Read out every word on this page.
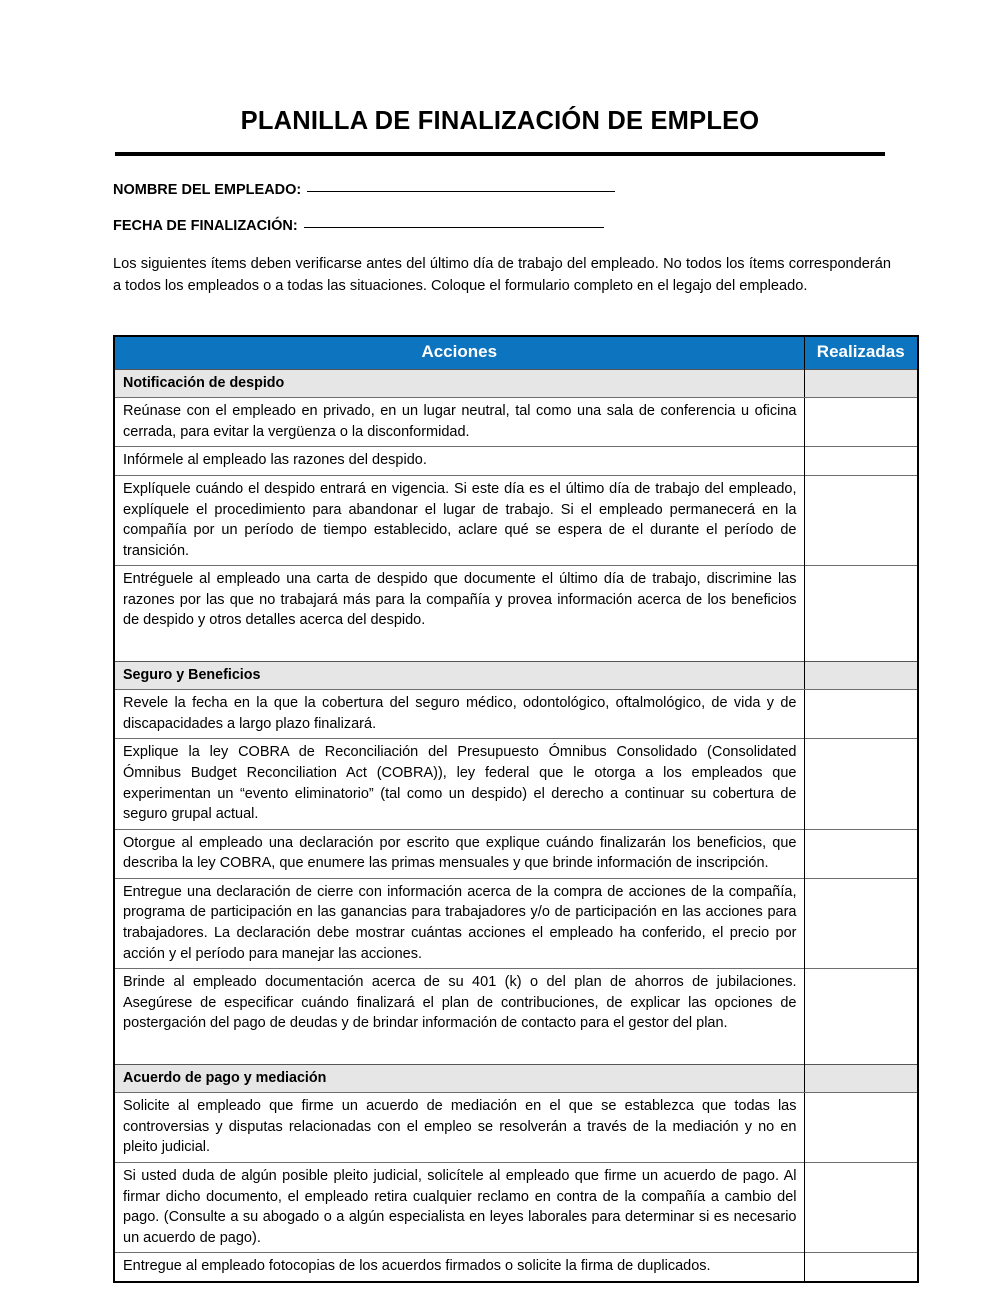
PLANILLA DE FINALIZACIÓN DE EMPLEO
NOMBRE DEL EMPLEADO:
FECHA DE FINALIZACIÓN:

Los siguientes ítems deben verificarse antes del último día de trabajo del empleado. No todos los ítems corresponderán a todos los empleados o a todas las situaciones. Coloque el formulario completo en el legajo del empleado.

Acciones	Realizadas
Notificación de despido	
Reúnase con el empleado en privado, en un lugar neutral, tal como una sala de conferencia u oficina cerrada, para evitar la vergüenza o la disconformidad.	
Infórmele al empleado las razones del despido.	
Explíquele cuándo el despido entrará en vigencia. Si este día es el último día de trabajo del empleado, explíquele el procedimiento para abandonar el lugar de trabajo. Si el empleado permanecerá en la compañía por un período de tiempo establecido, aclare qué se espera de el durante el período de transición.	
Entréguele al empleado una carta de despido que documente el último día de trabajo, discrimine las razones por las que no trabajará más para la compañía y provea información acerca de los beneficios de despido y otros detalles acerca del despido.	

Seguro y Beneficios	
Revele la fecha en la que la cobertura del seguro médico, odontológico, oftalmológico, de vida y de discapacidades a largo plazo finalizará.	
Explique la ley COBRA de Reconciliación del Presupuesto Ómnibus Consolidado (Consolidated Ómnibus Budget Reconciliation Act (COBRA)), ley federal que le otorga a los empleados que experimentan un “evento eliminatorio” (tal como un despido) el derecho a continuar su cobertura de seguro grupal actual.	
Otorgue al empleado una declaración por escrito que explique cuándo finalizarán los beneficios, que describa la ley COBRA, que enumere las primas mensuales y que brinde información de inscripción.	
Entregue una declaración de cierre con información acerca de la compra de acciones de la compañía, programa de participación en las ganancias para trabajadores y/o de participación en las acciones para trabajadores. La declaración debe mostrar cuántas acciones el empleado ha conferido, el precio por acción y el período para manejar las acciones.	
Brinde al empleado documentación acerca de su 401 (k) o del plan de ahorros de jubilaciones. Asegúrese de especificar cuándo finalizará el plan de contribuciones, de explicar las opciones de postergación del pago de deudas y de brindar información de contacto para el gestor del plan.	

Acuerdo de pago y mediación	
Solicite al empleado que firme un acuerdo de mediación en el que se establezca que todas las controversias y disputas relacionadas con el empleo se resolverán a través de la mediación y no en pleito judicial.	
Si usted duda de algún posible pleito judicial, solicítele al empleado que firme un acuerdo de pago. Al firmar dicho documento, el empleado retira cualquier reclamo en contra de la compañía a cambio del pago. (Consulte a su abogado o a algún especialista en leyes laborales para determinar si es necesario un acuerdo de pago).	
Entregue al empleado fotocopias de los acuerdos firmados o solicite la firma de duplicados.	
